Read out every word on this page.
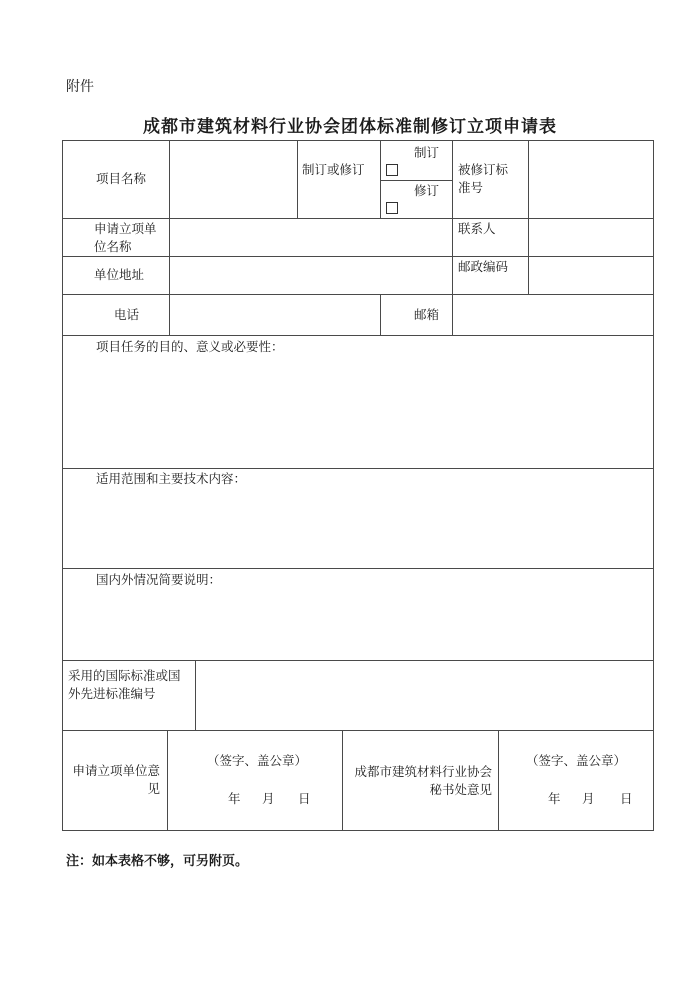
附件
成都市建筑材料行业协会团体标准制修订立项申请表
项目名称
制订或修订
制订
修订
被修订标准号
申请立项单位名称
联系人
单位地址
邮政编码
电话	邮箱
项目任务的目的、意义或必要性：
适用范围和主要技术内容：
国内外情况简要说明：
采用的国际标准或国外先进标准编号
申请立项单位意见
（签字、盖公章）
年 月 日
成都市建筑材料行业协会秘书处意见
（签字、盖公章）
年 月 日
注：如本表格不够，可另附页。
